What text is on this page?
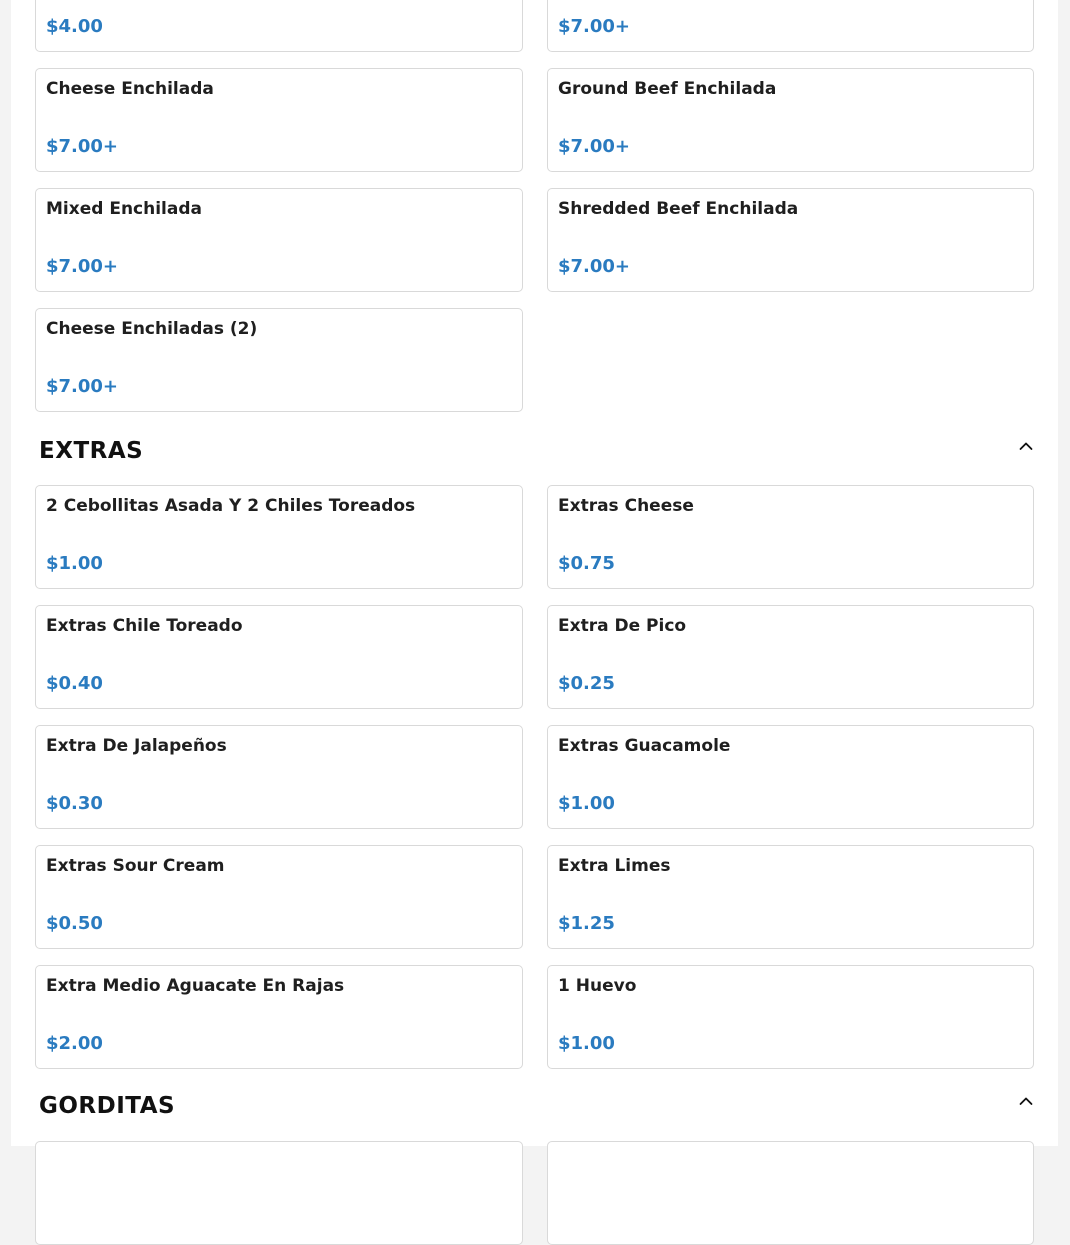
$4.00	$7.00+
Cheese Enchilada
$7.00+
Ground Beef Enchilada
$7.00+
Mixed Enchilada
$7.00+
Shredded Beef Enchilada
$7.00+
Cheese Enchiladas (2)
$7.00+
EXTRAS
2 Cebollitas Asada Y 2 Chiles Toreados
$1.00
Extras Cheese
$0.75
Extras Chile Toreado
$0.40
Extra De Pico
$0.25
Extra De Jalapeños
$0.30
Extras Guacamole
$1.00
Extras Sour Cream
$0.50
Extra Limes
$1.25
Extra Medio Aguacate En Rajas
$2.00
1 Huevo
$1.00
GORDITAS
